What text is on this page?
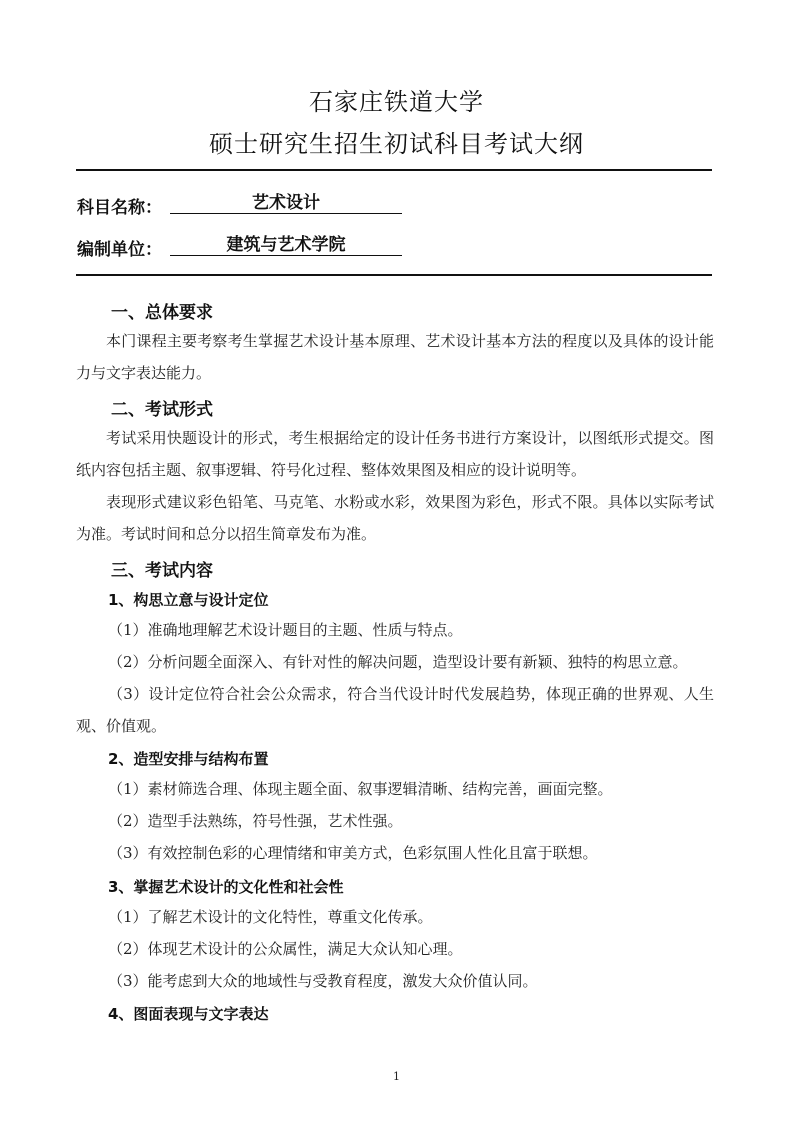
石家庄铁道大学
硕士研究生招生初试科目考试大纲
科目名称：	艺术设计
编制单位：	建筑与艺术学院
一、总体要求
本门课程主要考察考生掌握艺术设计基本原理、艺术设计基本方法的程度以及具体的设计能力与文字表达能力。
二、考试形式
考试采用快题设计的形式，考生根据给定的设计任务书进行方案设计，以图纸形式提交。图纸内容包括主题、叙事逻辑、符号化过程、整体效果图及相应的设计说明等。
表现形式建议彩色铅笔、马克笔、水粉或水彩，效果图为彩色，形式不限。具体以实际考试为准。考试时间和总分以招生简章发布为准。
三、考试内容
1、构思立意与设计定位
（1）准确地理解艺术设计题目的主题、性质与特点。
（2）分析问题全面深入、有针对性的解决问题，造型设计要有新颖、独特的构思立意。
（3）设计定位符合社会公众需求，符合当代设计时代发展趋势，体现正确的世界观、人生观、价值观。
2、造型安排与结构布置
（1）素材筛选合理、体现主题全面、叙事逻辑清晰、结构完善，画面完整。
（2）造型手法熟练，符号性强，艺术性强。
（3）有效控制色彩的心理情绪和审美方式，色彩氛围人性化且富于联想。
3、掌握艺术设计的文化性和社会性
（1）了解艺术设计的文化特性，尊重文化传承。
（2）体现艺术设计的公众属性，满足大众认知心理。
（3）能考虑到大众的地域性与受教育程度，激发大众价值认同。
4、图面表现与文字表达
1
